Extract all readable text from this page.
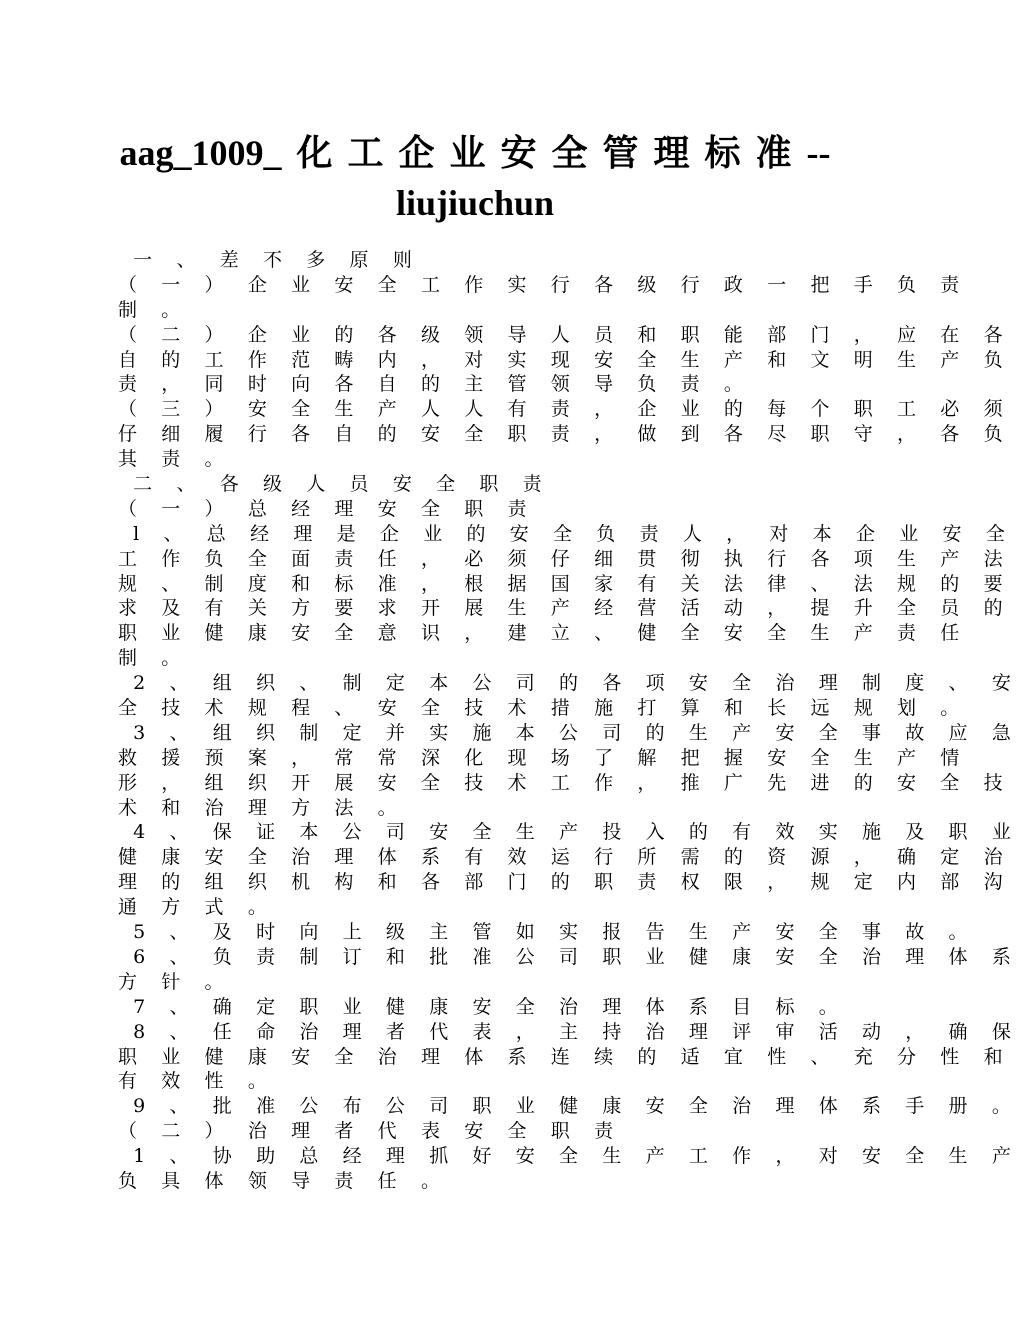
aag_1009_ 化 工 企 业 安 全 管 理 标 准 --
liujiuchun
一 、 差 不 多 原 则
（ 一 ） 企 业 安 全 工 作 实 行 各 级 行 政 一 把 手 负 责
制 。
（ 二 ） 企 业 的 各 级 领 导 人 员 和 职 能 部 门 ， 应 在 各
自 的 工 作 范 畴 内 ， 对 实 现 安 全 生 产 和 文 明 生 产 负
责 ， 同 时 向 各 自 的 主 管 领 导 负 责 。
（ 三 ） 安 全 生 产 人 人 有 责 ， 企 业 的 每 个 职 工 必 须
仔 细 履 行 各 自 的 安 全 职 责 ， 做 到 各 尽 职 守 ， 各 负
其 责 。
二 、 各 级 人 员 安 全 职 责
（ 一 ） 总 经 理 安 全 职 责
l 、 总 经 理 是 企 业 的 安 全 负 责 人 ， 对 本 企 业 安 全
工 作 负 全 面 责 任 ， 必 须 仔 细 贯 彻 执 行 各 项 生 产 法
规 、 制 度 和 标 准 ， 根 据 国 家 有 关 法 律 、 法 规 的 要
求 及 有 关 方 要 求 开 展 生 产 经 营 活 动 ， 提 升 全 员 的
职 业 健 康 安 全 意 识 ， 建 立 、 健 全 安 全 生 产 责 任
制 。
2 、 组 织 、 制 定 本 公 司 的 各 项 安 全 治 理 制 度 、 安
全 技 术 规 程 、 安 全 技 术 措 施 打 算 和 长 远 规 划 。
3 、 组 织 制 定 并 实 施 本 公 司 的 生 产 安 全 事 故 应 急
救 援 预 案 ， 常 常 深 化 现 场 了 解 把 握 安 全 生 产 情
形 ， 组 织 开 展 安 全 技 术 工 作 ， 推 广 先 进 的 安 全 技
术 和 治 理 方 法 。
4 、 保 证 本 公 司 安 全 生 产 投 入 的 有 效 实 施 及 职 业
健 康 安 全 治 理 体 系 有 效 运 行 所 需 的 资 源 ， 确 定 治
理 的 组 织 机 构 和 各 部 门 的 职 责 权 限 ， 规 定 内 部 沟
通 方 式 。
5 、 及 时 向 上 级 主 管 如 实 报 告 生 产 安 全 事 故 。
6 、 负 责 制 订 和 批 准 公 司 职 业 健 康 安 全 治 理 体 系
方 针 。
7 、 确 定 职 业 健 康 安 全 治 理 体 系 目 标 。
8 、 任 命 治 理 者 代 表 ， 主 持 治 理 评 审 活 动 ， 确 保
职 业 健 康 安 全 治 理 体 系 连 续 的 适 宜 性 、 充 分 性 和
有 效 性 。
9 、 批 准 公 布 公 司 职 业 健 康 安 全 治 理 体 系 手 册 。
（ 二 ） 治 理 者 代 表 安 全 职 责
1 、 协 助 总 经 理 抓 好 安 全 生 产 工 作 ， 对 安 全 生 产
负 具 体 领 导 责 任 。
